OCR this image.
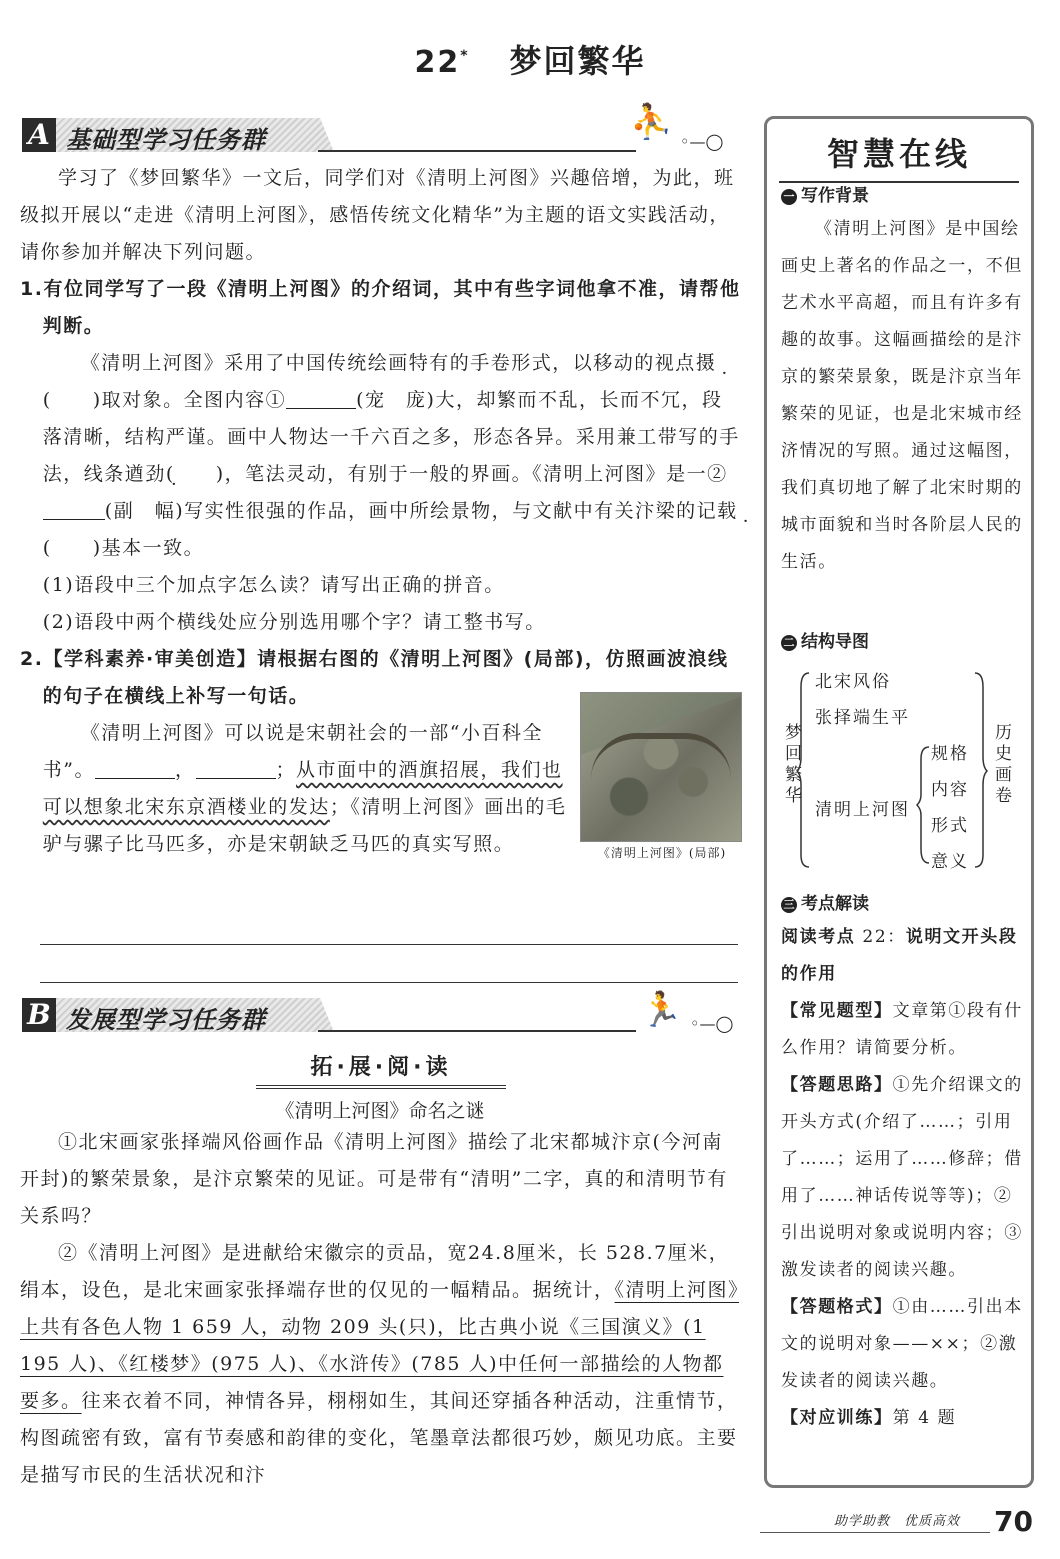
22* 梦回繁华
A 基础型学习任务群	⛹ ◦—◯

学习了《梦回繁华》一文后，同学们对《清明上河图》兴趣倍增，为此，班级拟开展以“走进《清明上河图》，感悟传统文化精华”为主题的语文实践活动，请你参加并解决下列问题。

1.有位同学写了一段《清明上河图》的介绍词，其中有些字词他拿不准，请帮他判断。

《清明上河图》采用了中国传统绘画特有的手卷形式，以移动的视点摄(　　)取对象。全图内容①	(宠　庞)大，却繁而不乱，长而不冗，段落清晰，结构严谨。画中人物达一千六百之多，形态各异。采用兼工带写的手法，线条遒劲(　　)，笔法灵动，有别于一般的界画。《清明上河图》是一②(副　幅)写实性很强的作品，画中所绘景物，与文献中有关汴梁的记载(　　)基本一致。

(1)语段中三个加点字怎么读？请写出正确的拼音。

(2)语段中两个横线处应分别选用哪个字？请工整书写。

2.【学科素养·审美创造】请根据右图的《清明上河图》(局部)，仿照画波浪线的句子在横线上补写一句话。

《清明上河图》可以说是宋朝社会的一部“小百科全书”。	，	；从市面中的酒旗招展，我们也可以想象北宋东京酒楼业的发达；《清明上河图》画出的毛驴与骡子比马匹多，亦是宋朝缺乏马匹的真实写照。	《清明上河图》(局部)
B 发展型学习任务群	🏃 ◦—◯
拓·展·阅·读
《清明上河图》命名之谜

①北宋画家张择端风俗画作品《清明上河图》描绘了北宋都城汴京(今河南开封)的繁荣景象，是汴京繁荣的见证。可是带有“清明”二字，真的和清明节有关系吗？

②《清明上河图》是进献给宋徽宗的贡品，宽24.8厘米，长 528.7厘米，绢本，设色，是北宋画家张择端存世的仅见的一幅精品。据统计，《清明上河图》上共有各色人物 1 659 人，动物 209 头(只)，比古典小说《三国演义》(1 195 人)、《红楼梦》(975 人)、《水浒传》(785 人)中任何一部描绘的人物都要多。往来衣着不同，神情各异，栩栩如生，其间还穿插各种活动，注重情节，构图疏密有致，富有节奏感和韵律的变化，笔墨章法都很巧妙，颇见功底。主要是描写市民的生活状况和汴

智慧在线
一 写作背景

《清明上河图》是中国绘画史上著名的作品之一，不但艺术水平高超，而且有许多有趣的故事。这幅画描绘的是汴京的繁荣景象，既是汴京当年繁荣的见证，也是北宋城市经济情况的写照。通过这幅图，我们真切地了解了北宋时期的城市面貌和当时各阶层人民的生活。

二 结构导图
梦回繁华
北宋风俗
张择端生平
清明上河图
规格
内容
形式
意义
历史画卷
三 考点解读

阅读考点 22：说明文开头段的作用

【常见题型】文章第①段有什么作用？请简要分析。

【答题思路】①先介绍课文的开头方式(介绍了……；引用了……；运用了……修辞；借用了……神话传说等等)；②引出说明对象或说明内容；③激发读者的阅读兴趣。

【答题格式】①由……引出本文的说明对象——××；②激发读者的阅读兴趣。

【对应训练】第 4 题

助学助教　优质高效 70
